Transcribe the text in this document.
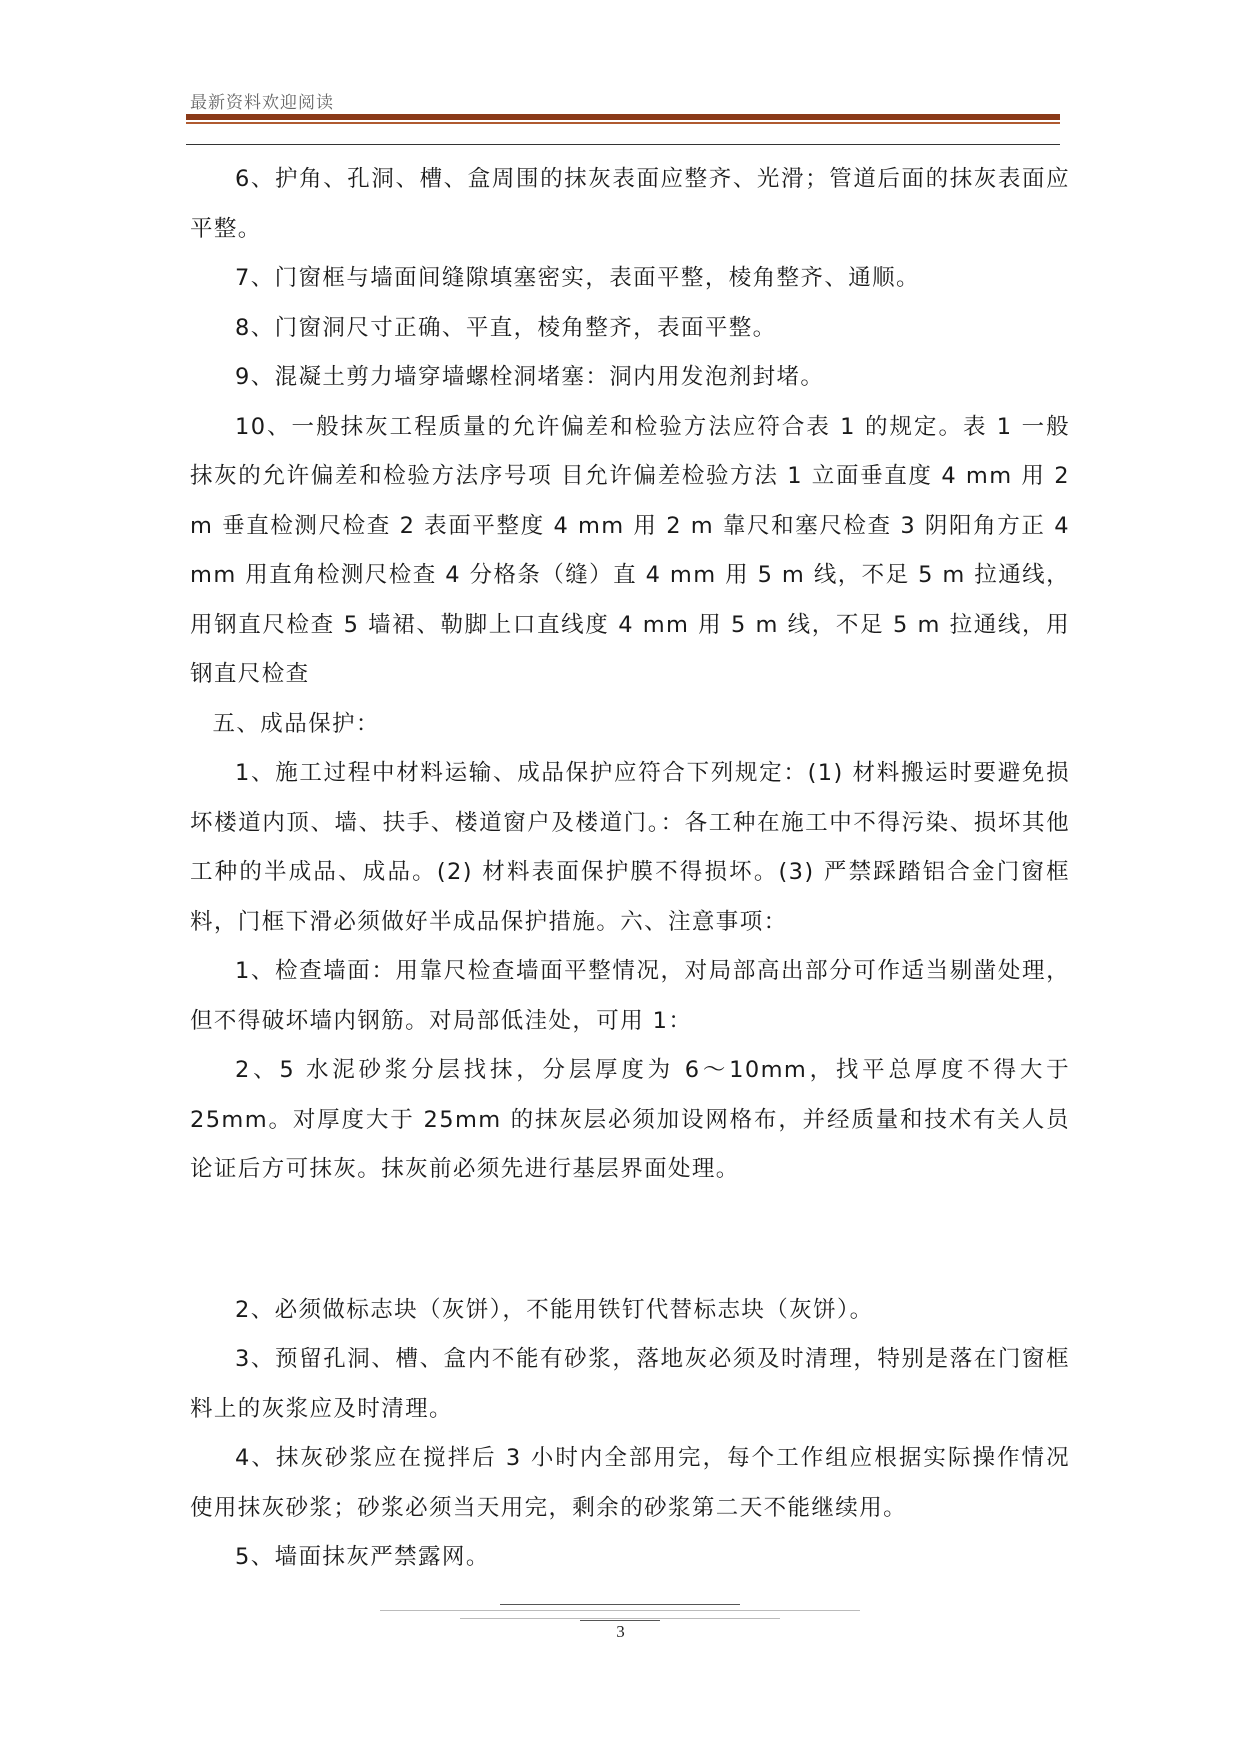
最新资料欢迎阅读

6、护角、孔洞、槽、盒周围的抹灰表面应整齐、光滑；管道后面的抹灰表面应平整。

7、门窗框与墙面间缝隙填塞密实，表面平整，棱角整齐、通顺。

8、门窗洞尺寸正确、平直，棱角整齐，表面平整。

9、混凝土剪力墙穿墙螺栓洞堵塞：洞内用发泡剂封堵。

10、一般抹灰工程质量的允许偏差和检验方法应符合表 1 的规定。表 1 一般抹灰的允许偏差和检验方法序号项 目允许偏差检验方法 1 立面垂直度 4 mm 用 2 m 垂直检测尺检查 2 表面平整度 4 mm 用 2 m 靠尺和塞尺检查 3 阴阳角方正 4 mm 用直角检测尺检查 4 分格条（缝）直 4 mm 用 5 m 线，不足 5 m 拉通线，用钢直尺检查 5 墙裙、勒脚上口直线度 4 mm 用 5 m 线，不足 5 m 拉通线，用钢直尺检查

五、成品保护：

1、施工过程中材料运输、成品保护应符合下列规定：(1) 材料搬运时要避免损坏楼道内顶、墙、扶手、楼道窗户及楼道门。：各工种在施工中不得污染、损坏其他工种的半成品、成品。(2) 材料表面保护膜不得损坏。(3) 严禁踩踏铝合金门窗框料，门框下滑必须做好半成品保护措施。六、注意事项：

1、检查墙面：用靠尺检查墙面平整情况，对局部高出部分可作适当剔凿处理，但不得破坏墙内钢筋。对局部低洼处，可用 1：

2、5 水泥砂浆分层找抹，分层厚度为 6～10mm，找平总厚度不得大于 25mm。对厚度大于 25mm 的抹灰层必须加设网格布，并经质量和技术有关人员论证后方可抹灰。抹灰前必须先进行基层界面处理。

2、必须做标志块（灰饼），不能用铁钉代替标志块（灰饼）。

3、预留孔洞、槽、盒内不能有砂浆，落地灰必须及时清理，特别是落在门窗框料上的灰浆应及时清理。

4、抹灰砂浆应在搅拌后 3 小时内全部用完，每个工作组应根据实际操作情况使用抹灰砂浆；砂浆必须当天用完，剩余的砂浆第二天不能继续用。

5、墙面抹灰严禁露网。

3
